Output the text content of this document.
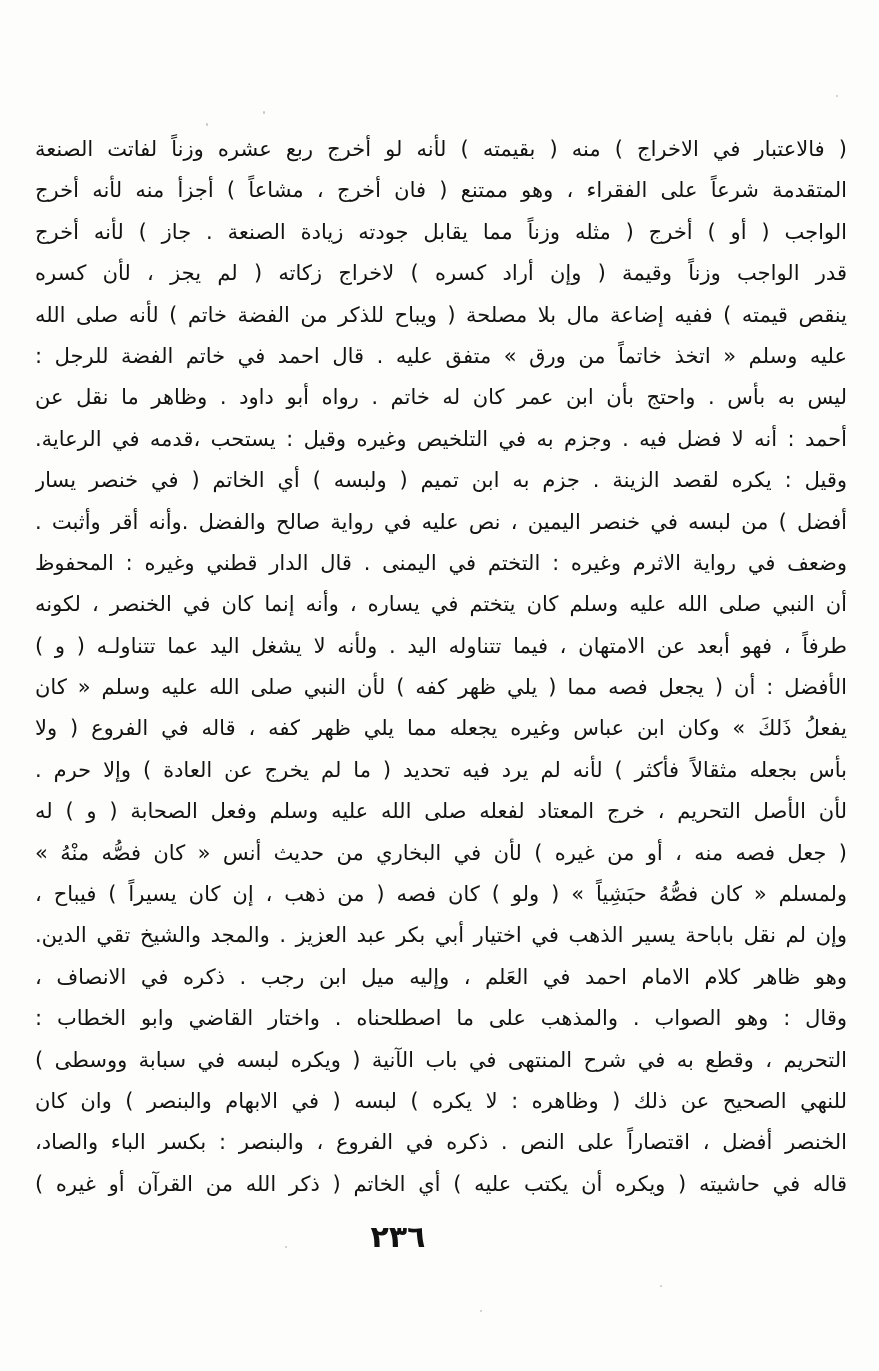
( فالاعتبار في الاخراج ) منه ( بقيمته ) لأنه لو أخرج ربع عشره وزناً لفاتت الصنعة
المتقدمة شرعاً على الفقراء ، وهو ممتنع ( فان أخرج ، مشاعاً ) أجزأ منه لأنه أخرج
الواجب ( أو ) أخرج ( مثله وزناً مما يقابل جودته زيادة الصنعة . جاز ) لأنه أخرج
قدر الواجب وزناً وقيمة ( وإن أراد كسره ) لاخراج زكاته ( لم يجز ، لأن كسره
ينقص قيمته ) ففيه إضاعة مال بلا مصلحة ( ويباح للذكر من الفضة خاتم ) لأنه صلى الله
عليه وسلم « اتخذ خاتماً من ورق » متفق عليه . قال احمد في خاتم الفضة للرجل :
ليس به بأس . واحتج بأن ابن عمر كان له خاتم . رواه أبو داود . وظاهر ما نقل عن
أحمد : أنه لا فضل فيه . وجزم به في التلخيص وغيره وقيل : يستحب ،قدمه في الرعاية.
وقيل : يكره لقصد الزينة . جزم به ابن تميم ( ولبسه ) أي الخاتم ( في خنصر يسار
أفضل ) من لبسه في خنصر اليمين ، نص عليه في رواية صالح والفضل .وأنه أقر وأثبت .
وضعف في رواية الاثرم وغيره : التختم في اليمنى . قال الدار قطني وغيره : المحفوظ
أن النبي صلى الله عليه وسلم كان يتختم في يساره ، وأنه إنما كان في الخنصر ، لكونه
طرفاً ، فهو أبعد عن الامتهان ، فيما تتناوله اليد . ولأنه لا يشغل اليد عما تتناولـه ( و )
الأفضل : أن ( يجعل فصه مما ( يلي ظهر كفه ) لأن النبي صلى الله عليه وسلم « كان
يفعلُ ذَلكَ » وكان ابن عباس وغيره يجعله مما يلي ظهر كفه ، قاله في الفروع ( ولا
بأس بجعله مثقالاً فأكثر ) لأنه لم يرد فيه تحديد ( ما لم يخرج عن العادة ) وإلا حرم .
لأن الأصل التحريم ، خرج المعتاد لفعله صلى الله عليه وسلم وفعل الصحابة ( و ) له
( جعل فصه منه ، أو من غيره ) لأن في البخاري من حديث أنس « كان فصُّه منْهُ »
ولمسلم « كان فصُّهُ حبَشِياً » ( ولو ) كان فصه ( من ذهب ، إن كان يسيراً ) فيباح ،
وإن لم نقل باباحة يسير الذهب في اختيار أبي بكر عبد العزيز . والمجد والشيخ تقي الدين.
وهو ظاهر كلام الامام احمد في العَلم ، وإليه ميل ابن رجب . ذكره في الانصاف ،
وقال : وهو الصواب . والمذهب على ما اصطلحناه . واختار القاضي وابو الخطاب :
التحريم ، وقطع به في شرح المنتهى في باب الآنية ( ويكره لبسه في سبابة ووسطى )
للنهي الصحيح عن ذلك ( وظاهره : لا يكره ) لبسه ( في الابهام والبنصر ) وان كان
الخنصر أفضل ، اقتصاراً على النص . ذكره في الفروع ، والبنصر : بكسر الباء والصاد،
قاله في حاشيته ( ويكره أن يكتب عليه ) أي الخاتم ( ذكر الله من القرآن أو غيره )
٢٣٦
